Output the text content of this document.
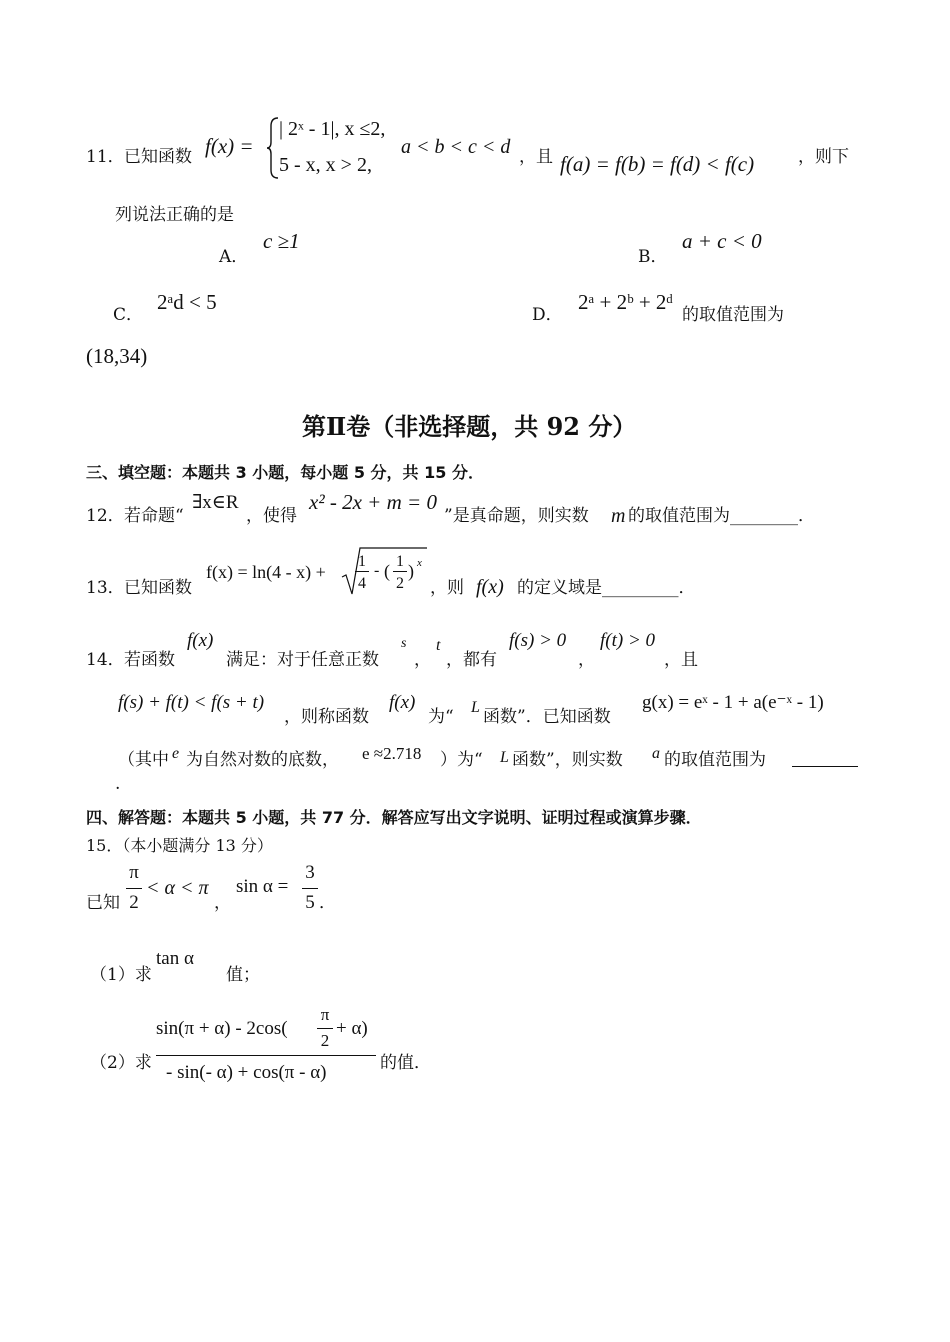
11． 已知函数 f(x) =
| 2ˣ - 1|, x ≤2,
5 - x, x > 2,
a < b < c < d ，且 f(a) = f(b) = f(d) < f(c)	，则下
列说法正确的是
A．
c ≥1
B．
a + c < 0
C．
2ᵃd < 5
D．
2ᵃ + 2ᵇ + 2ᵈ
的取值范围为
(18,34)
第Ⅱ卷（非选择题，共 92 分）
三、填空题：本题共 3 小题，每小题 5 分，共 15 分．
12． 若命题“
∃x∈R
，使得
x² - 2x + m = 0
”是真命题，则实数 m 的取值范围为________．
13． 已知函数
f(x) = ln(4 - x) +
1
4
- ( 1
2
) x
，则 f(x) 的定义域是_________．
14． 若函数
f(x)
满足：对于任意正数
s
，
t
，都有
f(s) > 0
，
f(t) > 0
，且
f(s) + f(t) < f(s + t)
，则称函数
f(x)
为“ L 函数”．已知函数
g(x) = eˣ - 1 + a(e⁻ˣ - 1)
（其中 e 为自然对数的底数， e ≈2.718 ）为“ L 函数”，则实数 a 的取值范围为
.
四、解答题：本题共 5 小题，共 77 分．解答应写出文字说明、证明过程或演算步骤．
15．（本小题满分 13 分）
已知
π
2
< α < π
，
sin α =
3
5 ．
（1）求
tan α
值；
（2）求
sin(π + α) - 2cos(
π
2
+ α)
- sin(- α) + cos(π - α)	的值．
